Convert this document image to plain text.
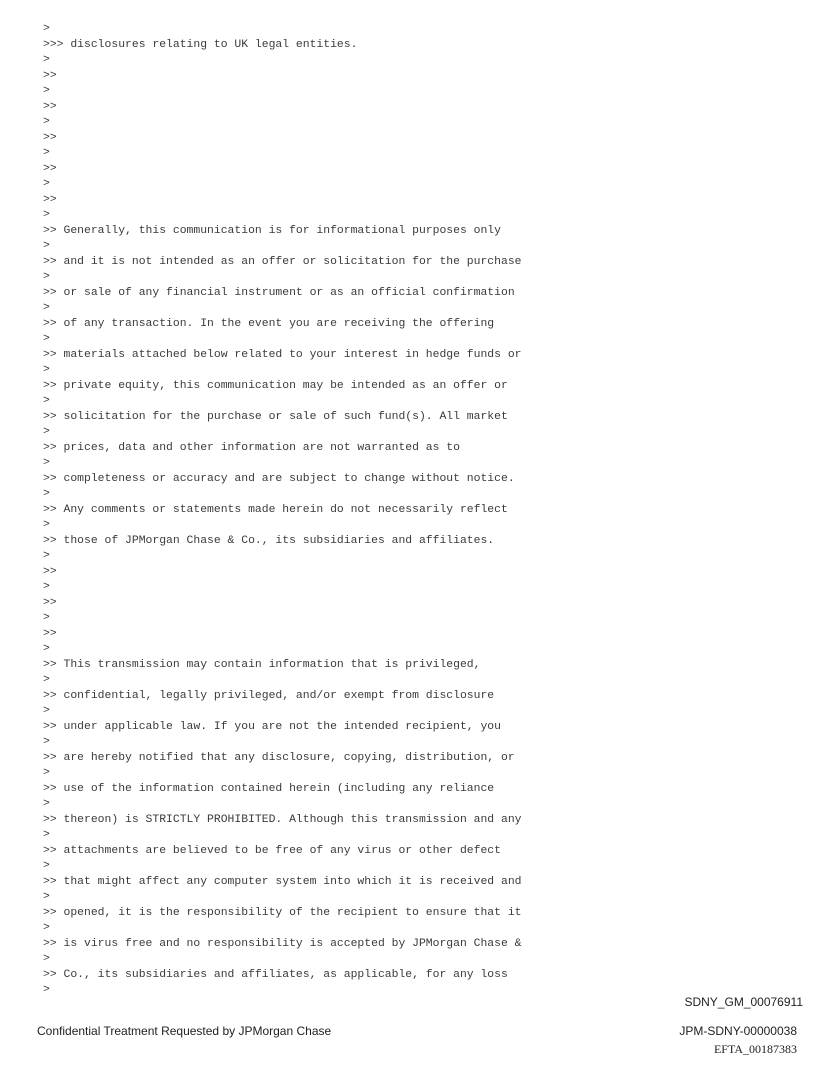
>
>>> disclosures relating to UK legal entities.
>
>>
>
>>
>
>>
>
>>
>
>>
>
>> Generally, this communication is for informational purposes only
>
>> and it is not intended as an offer or solicitation for the purchase
>
>> or sale of any financial instrument or as an official confirmation
>
>> of any transaction. In the event you are receiving the offering
>
>> materials attached below related to your interest in hedge funds or
>
>> private equity, this communication may be intended as an offer or
>
>> solicitation for the purchase or sale of such fund(s). All market
>
>> prices, data and other information are not warranted as to
>
>> completeness or accuracy and are subject to change without notice.
>
>> Any comments or statements made herein do not necessarily reflect
>
>> those of JPMorgan Chase & Co., its subsidiaries and affiliates.
>
>>
>
>>
>
>>
>
>> This transmission may contain information that is privileged,
>
>> confidential, legally privileged, and/or exempt from disclosure
>
>> under applicable law. If you are not the intended recipient, you
>
>> are hereby notified that any disclosure, copying, distribution, or
>
>> use of the information contained herein (including any reliance
>
>> thereon) is STRICTLY PROHIBITED. Although this transmission and any
>
>> attachments are believed to be free of any virus or other defect
>
>> that might affect any computer system into which it is received and
>
>> opened, it is the responsibility of the recipient to ensure that it
>
>> is virus free and no responsibility is accepted by JPMorgan Chase &
>
>> Co., its subsidiaries and affiliates, as applicable, for any loss
>
SDNY_GM_00076911
Confidential Treatment Requested by JPMorgan Chase	JPM-SDNY-00000038
EFTA_00187383
